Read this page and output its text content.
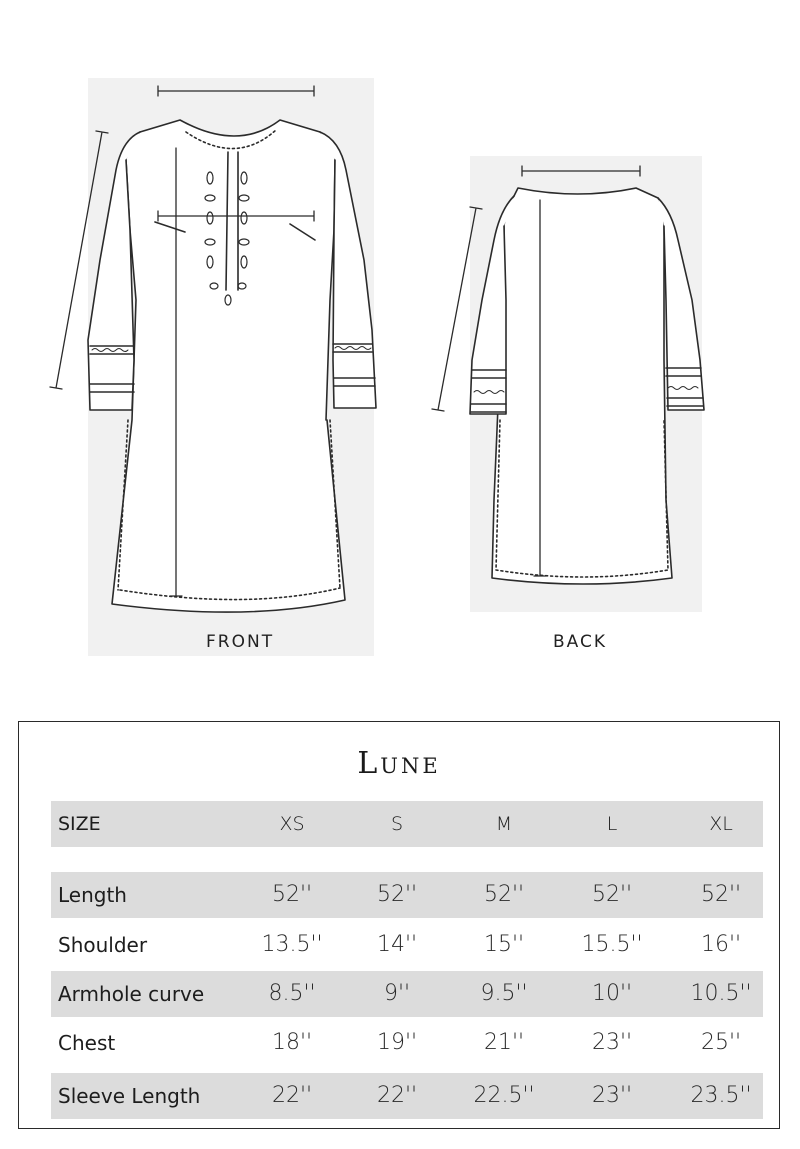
FRONT	BACK
Lune
SIZE	XS	S	M	L	XL
Length	52''	52''	52''	52''	52''
Shoulder	13.5''	14''	15''	15.5''	16''
Armhole curve	8.5''	9''	9.5''	10''	10.5''
Chest	18''	19''	21''	23''	25''
Sleeve Length	22''	22''	22.5''	23''	23.5''
